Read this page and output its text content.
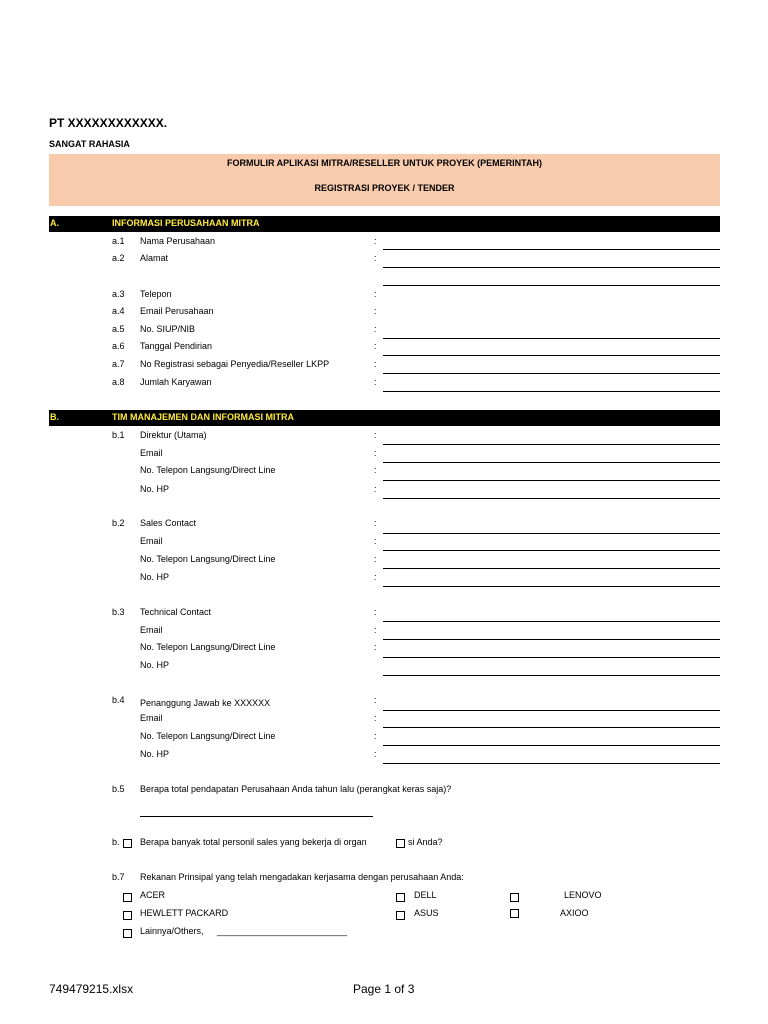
PT XXXXXXXXXXXX.
SANGAT RAHASIA
FORMULIR APLIKASI MITRA/RESELLER UNTUK PROYEK (PEMERINTAH)
REGISTRASI PROYEK / TENDER
A.	INFORMASI PERUSAHAAN MITRA
a.1 Nama Perusahaan	:
a.2 Alamat	:
a.3 Telepon	:
a.4 Email Perusahaan	:
a.5 No. SIUP/NIB	:
a.6 Tanggal Pendirian	:
a.7 No Registrasi sebagai Penyedia/Reseller LKPP	:
a.8 Jumlah Karyawan	:
B.	TIM MANAJEMEN DAN INFORMASI MITRA
b.1 Direktur (Utama)	:
Email	:
No. Telepon Langsung/Direct Line	:
No. HP	:
b.2 Sales Contact	:
Email	:
No. Telepon Langsung/Direct Line	:
No. HP	:
b.3 Technical Contact	:
Email	:
No. Telepon Langsung/Direct Line	:
No. HP
b.4 Penanggung Jawab ke XXXXXX	:
Email	:
No. Telepon Langsung/Direct Line	:
No. HP	:
b.5 Berapa total pendapatan Perusahaan Anda tahun lalu (perangkat keras saja)?
b. Berapa banyak total personil sales yang bekerja di organ	si Anda?
b.7 Rekanan Prinsipal yang telah mengadakan kerjasama dengan perusahaan Anda:
ACER	DELL	LENOVO
HEWLETT PACKARD	ASUS	AXIOO
Lainnya/Others, __________________________
749479215.xlsx	Page 1 of 3
